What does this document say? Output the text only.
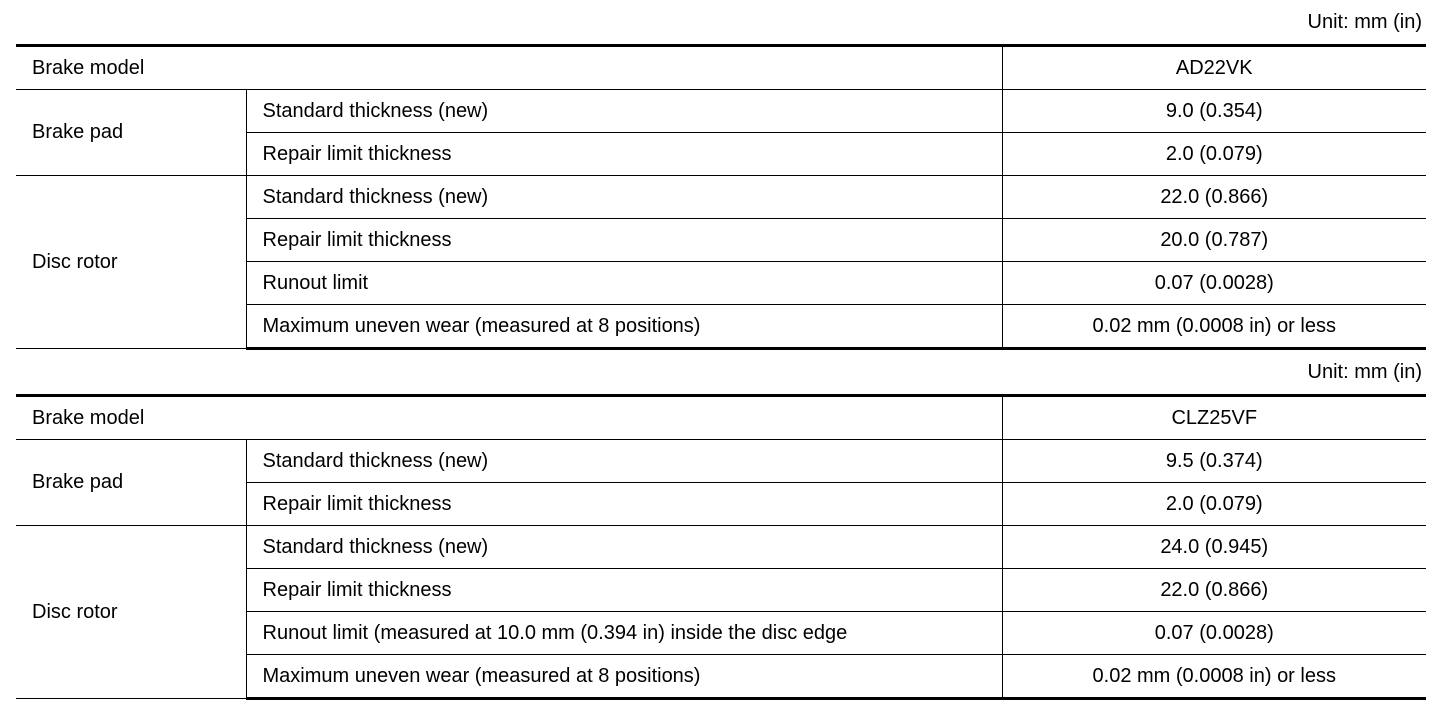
Unit: mm (in)
Brake model		AD22VK
Brake pad	Standard thickness (new)	9.0 (0.354)
	Repair limit thickness	2.0 (0.079)
Disc rotor	Standard thickness (new)	22.0 (0.866)
	Repair limit thickness	20.0 (0.787)
	Runout limit	0.07 (0.0028)
	Maximum uneven wear (measured at 8 positions)	0.02 mm (0.0008 in) or less
Unit: mm (in)
Brake model		CLZ25VF
Brake pad	Standard thickness (new)	9.5 (0.374)
	Repair limit thickness	2.0 (0.079)
Disc rotor	Standard thickness (new)	24.0 (0.945)
	Repair limit thickness	22.0 (0.866)
	Runout limit (measured at 10.0 mm (0.394 in) inside the disc edge	0.07 (0.0028)
	Maximum uneven wear (measured at 8 positions)	0.02 mm (0.0008 in) or less
